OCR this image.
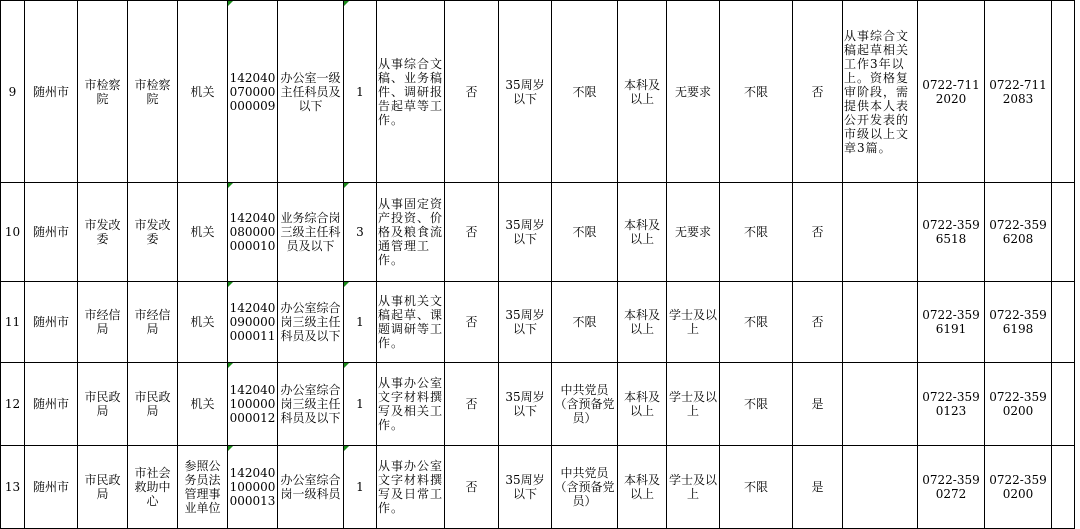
9	随州市	市检察院	市检察院	机关	142040070000000009	办公室一级主任科员及以下	1	从事综合文稿、业务稿件、调研报告起草等工作。	否	35周岁以下	不限	本科及以上	无要求	不限	否	从事综合文稿起草相关工作3年以上。资格复审阶段，需提供本人表公开发表的市级以上文章3篇。	0722-7112020	0722-7112083	
10	随州市	市发改委	市发改委	机关	142040080000000010	业务综合岗三级主任科员及以下	3	从事固定资产投资、价格及粮食流通管理工作。	否	35周岁以下	不限	本科及以上	无要求	不限	否		0722-3596518	0722-3596208	
11	随州市	市经信局	市经信局	机关	142040090000000011	办公室综合岗三级主任科员及以下	1	从事机关文稿起草、课题调研等工作。	否	35周岁以下	不限	本科及以上	学士及以上	不限	否		0722-3596191	0722-3596198	
12	随州市	市民政局	市民政局	机关	142040100000000012	办公室综合岗三级主任科员及以下	1	从事办公室文字材料撰写及相关工作。	否	35周岁以下	中共党员（含预备党员）	本科及以上	学士及以上	不限	是		0722-3590123	0722-3590200	
13	随州市	市民政局	市社会救助中心	参照公务员法管理事业单位	142040100000000013	办公室综合岗一级科员	1	从事办公室文字材料撰写及日常工作。	否	35周岁以下	中共党员（含预备党员）	本科及以上	学士及以上	不限	是		0722-3590272	0722-3590200	
